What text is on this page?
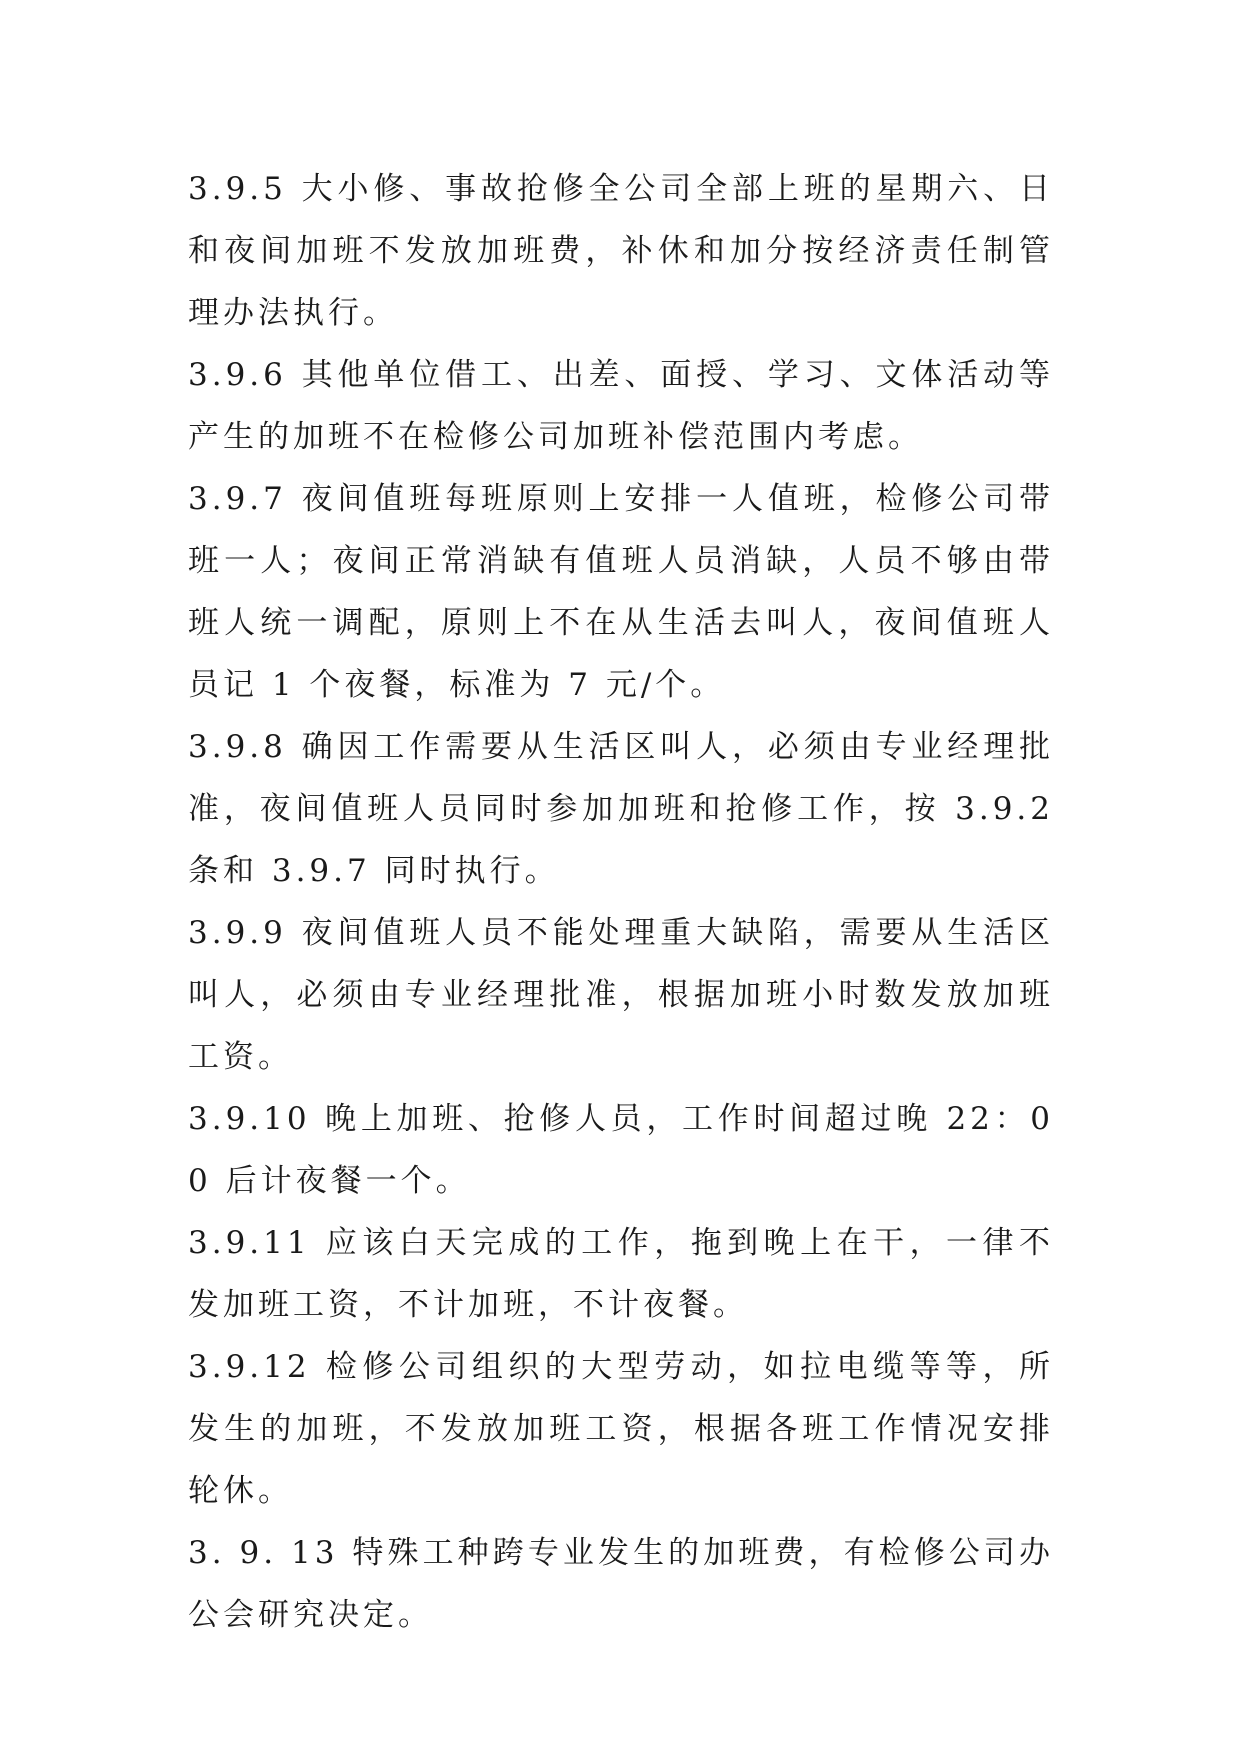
3.9.5 大小修、事故抢修全公司全部上班的星期六、日和夜间加班不发放加班费，补休和加分按经济责任制管理办法执行。

3.9.6 其他单位借工、出差、面授、学习、文体活动等产生的加班不在检修公司加班补偿范围内考虑。

3.9.7 夜间值班每班原则上安排一人值班，检修公司带班一人；夜间正常消缺有值班人员消缺，人员不够由带班人统一调配，原则上不在从生活去叫人，夜间值班人员记 1 个夜餐，标准为 7 元/个。

3.9.8 确因工作需要从生活区叫人，必须由专业经理批准，夜间值班人员同时参加加班和抢修工作，按 3.9.2 条和 3.9.7 同时执行。

3.9.9 夜间值班人员不能处理重大缺陷，需要从生活区叫人，必须由专业经理批准，根据加班小时数发放加班工资。

3.9.10 晚上加班、抢修人员，工作时间超过晚 22：00 后计夜餐一个。

3.9.11 应该白天完成的工作，拖到晚上在干，一律不发加班工资，不计加班，不计夜餐。

3.9.12 检修公司组织的大型劳动，如拉电缆等等，所发生的加班，不发放加班工资，根据各班工作情况安排轮休。

3. 9. 13 特殊工种跨专业发生的加班费，有检修公司办公会研究决定。
